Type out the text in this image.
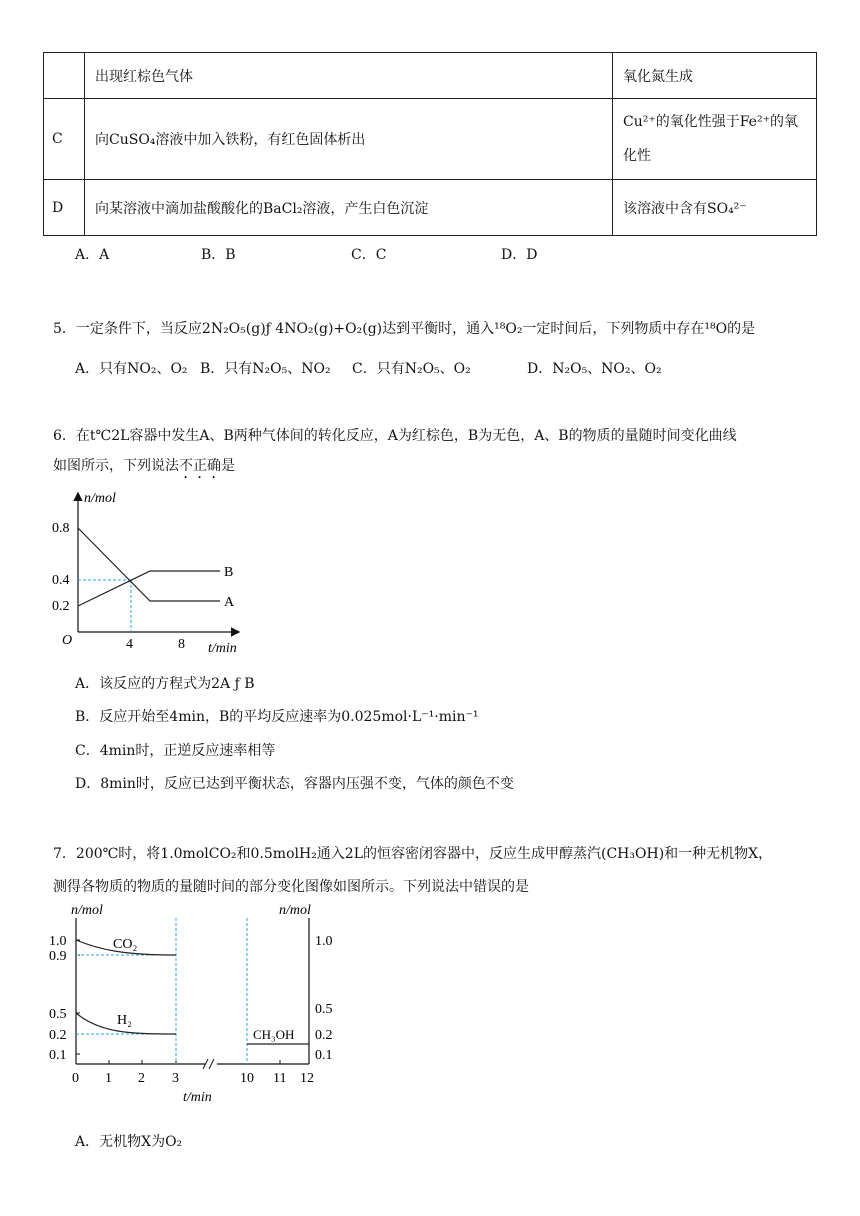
	出现红棕色气体	氧化氮生成
C	向CuSO₄溶液中加入铁粉，有红色固体析出	Cu²⁺的氧化性强于Fe²⁺的氧
化性

D	向某溶液中滴加盐酸酸化的BaCl₂溶液，产生白色沉淀	该溶液中含有SO₄²⁻
A．A	B．B	C．C	D．D
5．一定条件下，当反应2N₂O₅(g)ƒ 4NO₂(g)+O₂(g)达到平衡时，通入¹⁸O₂一定时间后，下列物质中存在¹⁸O的是
A．只有NO₂、O₂ B．只有N₂O₅、NO₂ C．只有N₂O₅、O₂	D．N₂O₅、NO₂、O₂
6．在t℃2L容器中发生A、B两种气体间的转化反应，A为红棕色，B为无色，A、B的物质的量随时间变化曲线
如图所示，下列说法不正确是
n/mol
0.8
0.4
0.2
O	4	8 t/min
B
A
A．该反应的方程式为2A ƒ B
B．反应开始至4min，B的平均反应速率为0.025mol·L⁻¹·min⁻¹
C．4min时，正逆反应速率相等
D．8min时，反应已达到平衡状态，容器内压强不变，气体的颜色不变
7．200℃时，将1.0molCO₂和0.5molH₂通入2L的恒容密闭容器中，反应生成甲醇蒸汽(CH₃OH)和一种无机物X，
测得各物质的物质的量随时间的部分变化图像如图所示。下列说法中错误的是
n/mol	n/mol
1.0
0.9
0.5
0.2
0.1
1.0
0.5
0.2
0.1
0 1 2 3	10 11 12
t/min
CO₂
H₂
CH₃OH
A．无机物X为O₂
